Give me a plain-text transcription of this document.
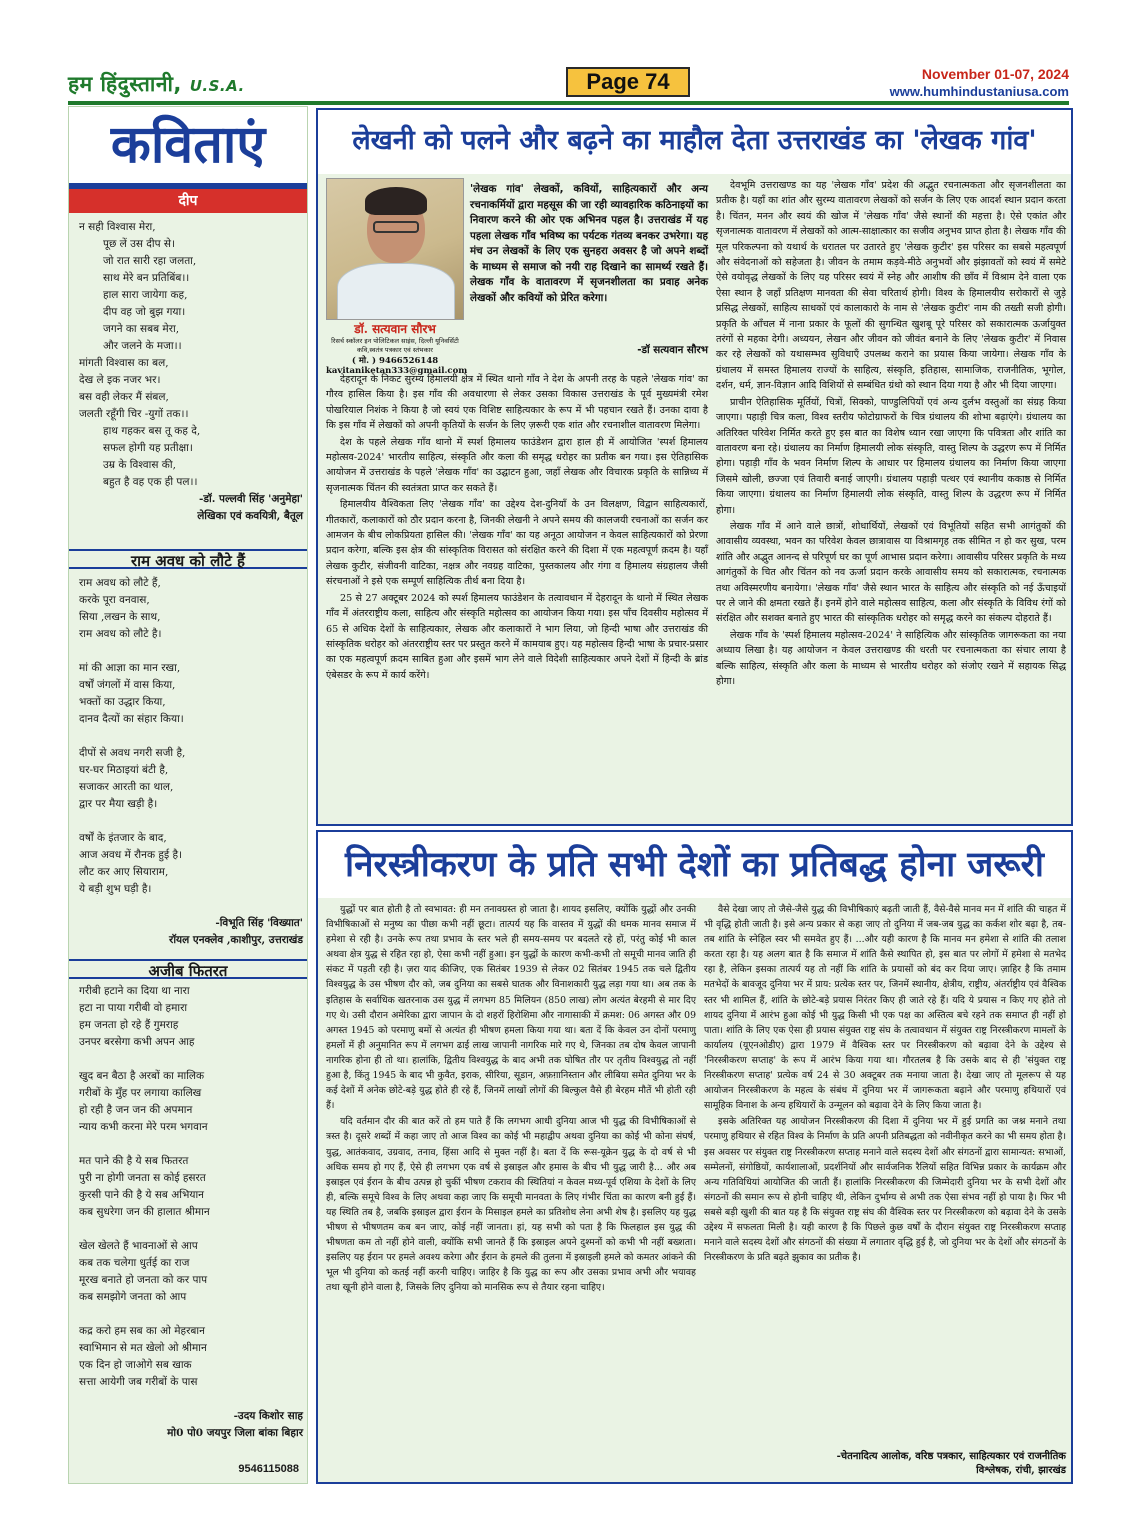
हम हिंदुस्तानी, U.S.A.	Page 74	November 01-07, 2024
www.humhindustaniusa.com
कविताएं
दीप
न सही विश्वास मेरा,
पूछ लें उस दीप से।
जो रात सारी रहा जलता,
साथ मेरे बन प्रतिबिंब।।
हाल सारा जायेगा कह,
दीप वह जो बुझ गया।
जगने का सबब मेरा,
और जलने के मजा।।
मांगती विश्वास का बल,
देख ले इक नजर भर।
बस वही लेकर मैं संबल,
जलती रहूँगी चिर -युगों तक।।
हाथ गहकर बस तू कह दे,
सफल होगी यह प्रतीक्षा।
उम्र के विश्वास की,
बहुत है वह एक ही पल।।
-डॉ. पल्लवी सिंह 'अनुमेहा'
लेखिका एवं कवयित्री, बैतूल
राम अवध को लौटे हैं
राम अवध को लौटे हैं,
करके पूरा वनवास,
सिया ,लखन के साथ,
राम अवध को लौटे है।
मां की आज्ञा का मान रखा,
वर्षों जंगलों में वास किया,
भक्तों का उद्धार किया,
दानव दैत्यों का संहार किया।
दीपों से अवध नगरी सजी है,
घर-घर मिठाइयां बंटी है,
सजाकर आरती का थाल,
द्वार पर मैया खड़ी है।
वर्षों के इंतजार के बाद,
आज अवध में रौनक हुई है।
लौट कर आए सियाराम,
ये बड़ी शुभ घड़ी है।
-विभूति सिंह 'विख्यात'
रॉयल एनक्लेव ,काशीपुर, उत्तराखंड
अजीब फितरत
गरीबी हटाने का दिया था नारा
हटा ना पाया गरीबी वो हमारा
हम जनता हो रहे हैं गुमराह
उनपर बरसेगा कभी अपन आह
खुद बन बैठा है अरबों का मालिक
गरीबों के मुँह पर लगाया कालिख
हो रही है जन जन की अपमान
न्याय कभी करना मेरे परम भगवान
मत पाने की है ये सब फितरत
पुरी ना होगी जनता स कोई हसरत
कुरसी पाने की है ये सब अभियान
कब सुधरेगा जन की हालात श्रीमान
खेल खेलते हैं भावनाओं से आप
कब तक चलेगा धुर्तई का राज
मूरख बनाते हो जनता को कर पाप
कब समझोगे जनता को आप
कद्र करो हम सब का ओ मेहरबान
स्वाभिमान से मत खेलो ओ श्रीमान
एक दिन हो जाओगे सब खाक
सत्ता आयेगी जब गरीबों के पास
-उदय किशोर साह
मो0 पो0 जयपुर जिला बांका बिहार
9546115088
लेखनी को पलने और बढ़ने का माहौल देता उत्तराखंड का 'लेखक गांव'
डॉ. सत्यवान सौरभ
रिसर्च स्कॉलर इन पोलिटिकल साइंस, दिल्ली यूनिवर्सिटी
कवि,स्वतंत्र पत्रकार एवं स्तंभकार
( मो. ) 9466526148
kavitaniketan333@gmail.com
'लेखक गांव' लेखकों, कवियों, साहित्यकारों और अन्य रचनाकर्मियों द्वारा महसूस की जा रही व्यावहारिक कठिनाइयों का निवारण करने की ओर एक अभिनव पहल है। उत्तराखंड में यह पहला लेखक गाँव भविष्य का पर्यटक गंतव्य बनकर उभरेगा। यह मंच उन लेखकों के लिए एक सुनहरा अवसर है जो अपने शब्दों के माध्यम से समाज को नयी राह दिखाने का सामर्थ्य रखते हैं। लेखक गाँव के वातावरण में सृजनशीलता का प्रवाह अनेक लेखकों और कवियों को प्रेरित करेगा।
-डॉ सत्यवान सौरभ

देहरादून के निकट सुरम्य हिमालयी क्षेत्र में स्थित थानो गाँव ने देश के अपनी तरह के पहले 'लेखक गांव' का गौरव हासिल किया है। इस गाँव की अवधारणा से लेकर उसका विकास उत्तराखंड के पूर्व मुख्यमंत्री रमेश पोखरियाल निशंक ने किया है जो स्वयं एक विशिष्ट साहित्यकार के रूप में भी पहचान रखते हैं। उनका दावा है कि इस गाँव में लेखकों को अपनी कृतियों के सर्जन के लिए ज़रूरी एक शांत और रचनाशील वातावरण मिलेगा।

देश के पहले लेखक गाँव थानो में स्पर्श हिमालय फाउंडेशन द्वारा हाल ही में आयोजित 'स्पर्श हिमालय महोत्सव-2024' भारतीय साहित्य, संस्कृति और कला की समृद्ध धरोहर का प्रतीक बन गया। इस ऐतिहासिक आयोजन में उत्तराखंड के पहले 'लेखक गाँव' का उद्घाटन हुआ, जहाँ लेखक और विचारक प्रकृति के सान्निध्य में सृजनात्मक चिंतन की स्वतंत्रता प्राप्त कर सकते हैं।

हिमालयीय वैश्विकता लिए 'लेखक गाँव' का उद्देश्य देश-दुनियाँ के उन विलक्षण, विद्वान साहित्यकारों, गीतकारों, कलाकारों को ठौर प्रदान करना है, जिनकी लेखनी ने अपने समय की कालजयी रचनाओं का सर्जन कर आमजन के बीच लोकप्रियता हासिल की। 'लेखक गाँव' का यह अनूठा आयोजन न केवल साहित्यकारों को प्रेरणा प्रदान करेगा, बल्कि इस क्षेत्र की सांस्कृतिक विरासत को संरक्षित करने की दिशा में एक महत्वपूर्ण क़दम है। यहाँ लेखक कुटीर, संजीवनी वाटिका, नक्षत्र और नवग्रह वाटिका, पुस्तकालय और गंगा व हिमालय संग्रहालय जैसी संरचनाओं ने इसे एक सम्पूर्ण साहित्यिक तीर्थ बना दिया है।

25 से 27 अक्टूबर 2024 को स्पर्श हिमालय फाउंडेशन के तत्वावधान में देहरादून के थानो में स्थित लेखक गाँव में अंतरराष्ट्रीय कला, साहित्य और संस्कृति महोत्सव का आयोजन किया गया। इस पाँच दिवसीय महोत्सव में 65 से अधिक देशों के साहित्यकार, लेखक और कलाकारों ने भाग लिया, जो हिन्दी भाषा और उत्तराखंड की सांस्कृतिक धरोहर को अंतरराष्ट्रीय स्तर पर प्रस्तुत करने में कामयाब हुए। यह महोत्सव हिन्दी भाषा के प्रचार-प्रसार का एक महत्वपूर्ण क़दम साबित हुआ और इसमें भाग लेने वाले विदेशी साहित्यकार अपने देशों में हिन्दी के ब्रांड एंबेसडर के रूप में कार्य करेंगे।

देवभूमि उत्तराखण्ड का यह 'लेखक गाँव' प्रदेश की अद्भुत रचनात्मकता और सृजनशीलता का प्रतीक है। यहाँ का शांत और सुरम्य वातावरण लेखकों को सर्जन के लिए एक आदर्श स्थान प्रदान करता है। चिंतन, मनन और स्वयं की खोज में 'लेखक गाँव' जैसे स्थानों की महत्ता है। ऐसे एकांत और सृजनात्मक वातावरण में लेखकों को आत्म-साक्षात्कार का सजीव अनुभव प्राप्त होता है। लेखक गाँव की मूल परिकल्पना को यथार्थ के धरातल पर उतारते हुए 'लेखक कुटीर' इस परिसर का सबसे महत्वपूर्ण और संवेदनाओं को सहेजता है। जीवन के तमाम कड़वे-मीठे अनुभवों और झंझावतों को स्वयं में समेटे ऐसे वयोवृद्ध लेखकों के लिए यह परिसर स्वयं में स्नेह और आशीष की छाँव में विश्राम देने वाला एक ऐसा स्थान है जहाँ प्रतिक्षण मानवता की सेवा चरितार्थ होगी। विश्व के हिमालयीय सरोकारों से जुड़े प्रसिद्ध लेखकों, साहित्य साधकों एवं कालाकारो के नाम से 'लेखक कुटीर' नाम की तख्ती सजी होगी। प्रकृति के आँचल में नाना प्रकार के फूलों की सुगन्धित खुशबू पूरे परिसर को सकारात्मक ऊर्जायुक्त तरंगों से महका देगी। अध्ययन, लेखन और जीवन को जीवंत बनाने के लिए 'लेखक कुटीर' में निवास कर रहे लेखकों को यथासम्भव सुविधाएँ उपलब्ध कराने का प्रयास किया जायेगा। लेखक गाँव के ग्रंथालय में समस्त हिमालय राज्यों के साहित्य, संस्कृति, इतिहास, सामाजिक, राजनीतिक, भूगोल, दर्शन, धर्म, ज्ञान-विज्ञान आदि विशियों से सम्बंधित ग्रंथो को स्थान दिया गया है और भी दिया जाएगा।

प्राचीन ऐतिहासिक मूर्तियों, चित्रों, सिक्को, पाण्डुलिपियों एवं अन्य दुर्लभ वस्तुओं का संग्रह किया जाएगा। पहाड़ी चित्र कला, विश्व स्तरीय फोटोग्राफरों के चित्र ग्रंथालय की शोभा बढ़ाएंगे। ग्रंथालय का अतिरिक्त परिवेश निर्मित करते हुए इस बात का विशेष ध्यान रखा जाएगा कि पवित्रता और शांति का वातावरण बना रहे। ग्रंथालय का निर्माण हिमालयी लोक संस्कृति, वास्तु शिल्प के उद्धरण रूप में निर्मित होगा। पहाड़ी गाँव के भवन निर्माण शिल्प के आधार पर हिमालय ग्रंथालय का निर्माण किया जाएगा जिसमे खोली, छज्जा एवं तिवारी बनाई जाएगी। ग्रंथालय पहाड़ी पत्थर एवं स्थानीय ककाष्ठ से निर्मित किया जाएगा। ग्रंथालय का निर्माण हिमालयी लोक संस्कृति, वास्तु शिल्प के उद्धरण रूप में निर्मित होगा।

लेखक गाँव में आने वाले छात्रों, शोधार्थियों, लेखकों एवं विभूतियों सहित सभी आगंतुकों की आवासीय व्यवस्था, भवन का परिवेश केवल छात्रावास या विश्रामगृह तक सीमित न हो कर सुख, परम शांति और अद्भुत आनन्द से परिपूर्ण घर का पूर्ण आभास प्रदान करेगा। आवासीय परिसर प्रकृति के मध्य आगंतुकों के चित और चिंतन को नव ऊर्जा प्रदान करके आवासीय समय को सकारात्मक, रचनात्मक तथा अविस्मरणीय बनायेगा। 'लेखक गाँव' जैसे स्थान भारत के साहित्य और संस्कृति को नई ऊँचाइयों पर ले जाने की क्षमता रखते हैं। इनमें होने वाले महोत्सव साहित्य, कला और संस्कृति के विविध रंगों को संरक्षित और सशक्त बनाते हुए भारत की सांस्कृतिक धरोहर को समृद्ध करने का संकल्प दोहराते हैं।

लेखक गाँव के 'स्पर्श हिमालय महोत्सव-2024' ने साहित्यिक और सांस्कृतिक जागरूकता का नया अध्याय लिखा है। यह आयोजन न केवल उत्तराखण्ड की धरती पर रचनात्मकता का संचार लाया है बल्कि साहित्य, संस्कृति और कला के माध्यम से भारतीय धरोहर को संजोए रखने में सहायक सिद्ध होगा।

निरस्त्रीकरण के प्रति सभी देशों का प्रतिबद्ध होना जरूरी

युद्धों पर बात होती है तो स्वभावत: ही मन तनावग्रस्त हो जाता है। शायद इसलिए, क्योंकि युद्धों और उनकी विभीषिकाओं से मनुष्य का पीछा कभी नहीं छूटा। तात्पर्य यह कि वास्तव में युद्धों की धमक मानव समाज में हमेशा से रही है। उनके रूप तथा प्रभाव के स्तर भले ही समय-समय पर बदलते रहे हों, परंतु कोई भी काल अथवा क्षेत्र युद्ध से रहित रहा हो, ऐसा कभी नहीं हुआ। इन युद्धों के कारण कभी-कभी तो समूची मानव जाति ही संकट में पड़ती रही है। ज़रा याद कीजिए, एक सितंबर 1939 से लेकर 02 सितंबर 1945 तक चले द्वितीय विश्वयुद्ध के उस भीषण दौर को, जब दुनिया का सबसे घातक और विनाशकारी युद्ध लड़ा गया था। अब तक के इतिहास के सर्वाधिक खतरनाक उस युद्ध में लगभग 85 मिलियन (850 लाख) लोग अत्यंत बेरहमी से मार दिए गए थे। उसी दौरान अमेरिका द्वारा जापान के दो शहरों हिरोशिमा और नागासाकी में क्रमश: 06 अगस्त और 09 अगस्त 1945 को परमाणु बमों से अत्यंत ही भीषण हमला किया गया था। बता दें कि केवल उन दोनों परमाणु हमलों में ही अनुमानित रूप में लगभग ढाई लाख जापानी नागरिक मारे गए थे, जिनका तब दोष केवल जापानी नागरिक होना ही तो था। हालांकि, द्वितीय विश्वयुद्ध के बाद अभी तक घोषित तौर पर तृतीय विश्वयुद्ध तो नहीं हुआ है, किंतु 1945 के बाद भी कुवैत, इराक, सीरिया, सूडान, अफ़ग़ानिस्तान और लीबिया समेत दुनिया भर के कई देशों में अनेक छोटे-बड़े युद्ध होते ही रहे हैं, जिनमें लाखों लोगों की बिल्कुल वैसे ही बेरहम मौतें भी होती रही हैं।

यदि वर्तमान दौर की बात करें तो हम पाते हैं कि लगभग आधी दुनिया आज भी युद्ध की विभीषिकाओं से त्रस्त है। दूसरे शब्दों में कहा जाए तो आज विश्व का कोई भी महाद्वीप अथवा दुनिया का कोई भी कोना संघर्ष, युद्ध, आतंकवाद, उग्रवाद, तनाव, हिंसा आदि से मुक्त नहीं है। बता दें कि रूस-यूक्रेन युद्ध के दो वर्ष से भी अधिक समय हो गए हैं, ऐसे ही लगभग एक वर्ष से इस्राइल और हमास के बीच भी युद्ध जारी है... और अब इस्राइल एवं ईरान के बीच उत्पन्न हो चुकीं भीषण टकराव की स्थितियां न केवल मध्य-पूर्व एशिया के देशों के लिए ही, बल्कि समूचे विश्व के लिए अथवा कहा जाए कि समूची मानवता के लिए गंभीर चिंता का कारण बनी हुई हैं। यह स्थिति तब है, जबकि इस्राइल द्वारा ईरान के मिसाइल हमले का प्रतिशोध लेना अभी शेष है। इसलिए यह युद्ध भीषण से भीषणतम कब बन जाए, कोई नहीं जानता। हां, यह सभी को पता है कि फिलहाल इस युद्ध की भीषणता कम तो नहीं होने वाली, क्योंकि सभी जानते हैं कि इस्राइल अपने दुश्मनों को कभी भी नहीं बख्शता। इसलिए यह ईरान पर हमले अवश्य करेगा और ईरान के हमले की तुलना में इस्राइली हमले को कमतर आंकने की भूल भी दुनिया को कतई नहीं करनी चाहिए। जाहिर है कि युद्ध का रूप और उसका प्रभाव अभी और भयावह तथा खूनी होने वाला है, जिसके लिए दुनिया को मानसिक रूप से तैयार रहना चाहिए।

वैसे देखा जाए तो जैसे-जैसे युद्ध की विभीषिकाएं बढ़ती जाती हैं, वैसे-वैसे मानव मन में शांति की चाहत में भी वृद्धि होती जाती है। इसे अन्य प्रकार से कहा जाए तो दुनिया में जब-जब युद्ध का कर्कश शोर बढ़ा है, तब-तब शांति के स्नेहिल स्वर भी समवेत हुए हैं। ...और यही कारण है कि मानव मन हमेशा से शांति की तलाश करता रहा है। यह अलग बात है कि समाज में शांति कैसे स्थापित हो, इस बात पर लोगों में हमेशा से मतभेद रहा है, लेकिन इसका तात्पर्य यह तो नहीं कि शांति के प्रयासों को बंद कर दिया जाए। ज़ाहिर है कि तमाम मतभेदों के बावजूद दुनिया भर में प्राय: प्रत्येक स्तर पर, जिनमें स्थानीय, क्षेत्रीय, राष्ट्रीय, अंतर्राष्ट्रीय एवं वैश्विक स्तर भी शामिल हैं, शांति के छोटे-बड़े प्रयास निरंतर किए ही जाते रहे हैं। यदि ये प्रयास न किए गए होते तो शायद दुनिया में आरंभ हुआ कोई भी युद्ध किसी भी एक पक्ष का अस्तित्व बचे रहने तक समाप्त ही नहीं हो पाता। शांति के लिए एक ऐसा ही प्रयास संयुक्त राष्ट्र संघ के तत्वावधान में संयुक्त राष्ट्र निरस्त्रीकरण मामलों के कार्यालय (यूएनओडीए) द्वारा 1979 में वैश्विक स्तर पर निरस्त्रीकरण को बढ़ावा देने के उद्देश्य से 'निरस्त्रीकरण सप्ताह' के रूप में आरंभ किया गया था। गौरतलब है कि उसके बाद से ही 'संयुक्त राष्ट्र निरस्त्रीकरण सप्ताह' प्रत्येक वर्ष 24 से 30 अक्टूबर तक मनाया जाता है। देखा जाए तो मूलरूप से यह आयोजन निरस्त्रीकरण के महत्व के संबंध में दुनिया भर में जागरूकता बढ़ाने और परमाणु हथियारों एवं सामूहिक विनाश के अन्य हथियारों के उन्मूलन को बढ़ावा देने के लिए किया जाता है।

इसके अतिरिक्त यह आयोजन निरस्त्रीकरण की दिशा में दुनिया भर में हुई प्रगति का जश्न मनाने तथा परमाणु हथियार से रहित विश्व के निर्माण के प्रति अपनी प्रतिबद्धता को नवीनीकृत करने का भी समय होता है। इस अवसर पर संयुक्त राष्ट्र निरस्त्रीकरण सप्ताह मनाने वाले सदस्य देशों और संगठनों द्वारा सामान्यत: सभाओं, सम्मेलनों, संगोष्ठियों, कार्यशालाओं, प्रदर्शनियों और सार्वजनिक रैलियों सहित विभिन्न प्रकार के कार्यक्रम और अन्य गतिविधियां आयोजित की जाती हैं। हालांकि निरस्त्रीकरण की जिम्मेदारी दुनिया भर के सभी देशों और संगठनों की समान रूप से होनी चाहिए थी, लेकिन दुर्भाग्य से अभी तक ऐसा संभव नहीं हो पाया है। फिर भी सबसे बड़ी खुशी की बात यह है कि संयुक्त राष्ट्र संघ की वैश्विक स्तर पर निरस्त्रीकरण को बढ़ावा देने के उसके उद्देश्य में सफलता मिली है। यही कारण है कि पिछले कुछ वर्षों के दौरान संयुक्त राष्ट्र निरस्त्रीकरण सप्ताह मनाने वाले सदस्य देशों और संगठनों की संख्या में लगातार वृद्धि हुई है, जो दुनिया भर के देशों और संगठनों के निरस्त्रीकरण के प्रति बढ़ते झुकाव का प्रतीक है।

-चेतनादित्य आलोक, वरिष्ठ पत्रकार, साहित्यकार एवं राजनीतिक
विश्लेषक, रांची, झारखंड
